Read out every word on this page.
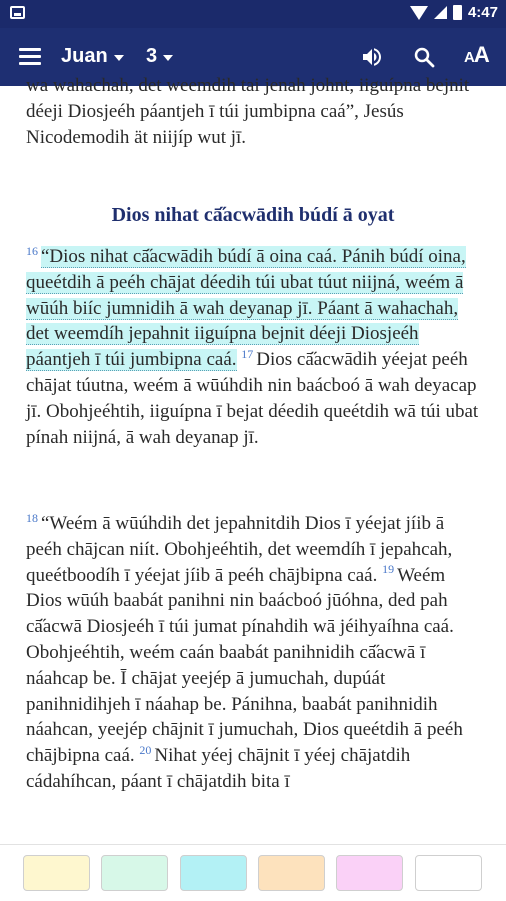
4:47
Juan 3	AA
wa wahachah, det weemdih tai jenah johnt, iiguípna bejnit déeji Diosjeéh páantjeh ī túi jumbipna caá”, Jesús Nicodemodih ät niijíp wut jī.
Dios nihat cā̋acwādih búdí ā oyat
$^{16}$ “Dios nihat cā̋acwādih búdí ā oina caá. Pánih búdí oina, queétdih ā peéh chājat déedih túi ubat túut niijná, weém ā wūúh biíc jumnidih ā wah deyanap jī. Páant ā wahachah, det weemdíh jepahnit iiguípna bejnit déeji Diosjeéh páantjeh ī túi jumbipna caá. $^{17}$ Dios cā̋acwādih yéejat peéh chājat túutna, weém ā wūúhdih nin baácboó ā wah deyacap jī. Obohjeéhtih, iiguípna ī bejat déedih queétdih wā túi ubat pínah niijná, ā wah deyanap jī.
$^{18}$ “Weém ā wūúhdih det jepahnitdih Dios ī yéejat jíib ā peéh chājcan niít. Obohjeéhtih, det weemdíh ī jepahcah, queétboodíh ī yéejat jíib ā peéh chājbipna caá. $^{19}$ Weém Dios wūúh baabát panihni nin baácboó jūóhna, ded pah cā̋acwā Diosjeéh ī túi jumat pínahdih wā jéihyaíhna caá. Obohjeéhtih, weém caán baabát panihnidih cā̋acwā ī náahcap be. Ī chājat yeejép ā jumuchah, dupúát panihnidihjeh ī náahap be. Pánihna, baabát panihnidih náahcan, yeejép chājnit ī jumuchah, Dios queétdih ā peéh chājbipna caá. $^{20}$ Nihat yéej chājnit ī yéej chājatdih cádahíhcan, páant ī chājatdih bita ī
